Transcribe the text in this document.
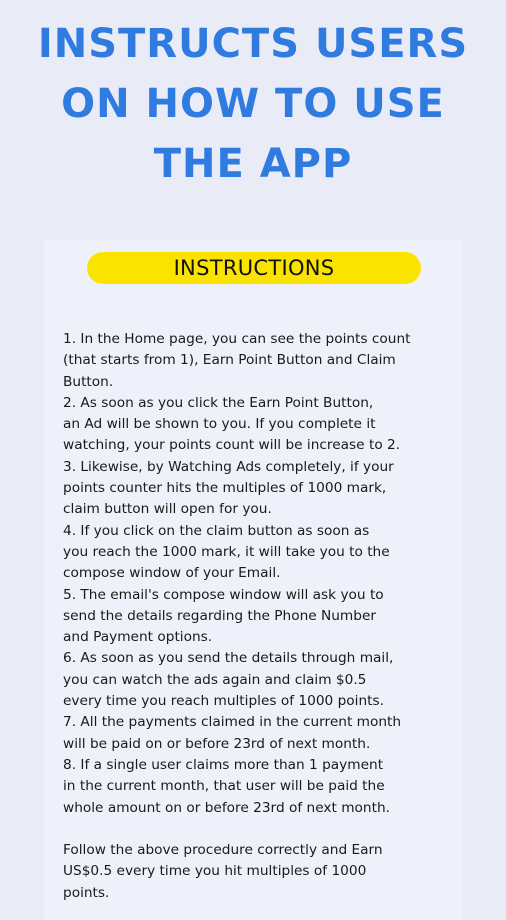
INSTRUCTS USERS
ON HOW TO USE
THE APP
INSTRUCTIONS
1. In the Home page, you can see the points count
(that starts from 1), Earn Point Button and Claim
Button.
2. As soon as you click the Earn Point Button,
an Ad will be shown to you. If you complete it
watching, your points count will be increase to 2.
3. Likewise, by Watching Ads completely, if your
points counter hits the multiples of 1000 mark,
claim button will open for you.
4. If you click on the claim button as soon as
you reach the 1000 mark, it will take you to the
compose window of your Email.
5. The email's compose window will ask you to
send the details regarding the Phone Number
and Payment options.
6. As soon as you send the details through mail,
you can watch the ads again and claim $0.5
every time you reach multiples of 1000 points.
7. All the payments claimed in the current month
will be paid on or before 23rd of next month.
8. If a single user claims more than 1 payment
in the current month, that user will be paid the
whole amount on or before 23rd of next month.
Follow the above procedure correctly and Earn
US$0.5 every time you hit multiples of 1000
points.
